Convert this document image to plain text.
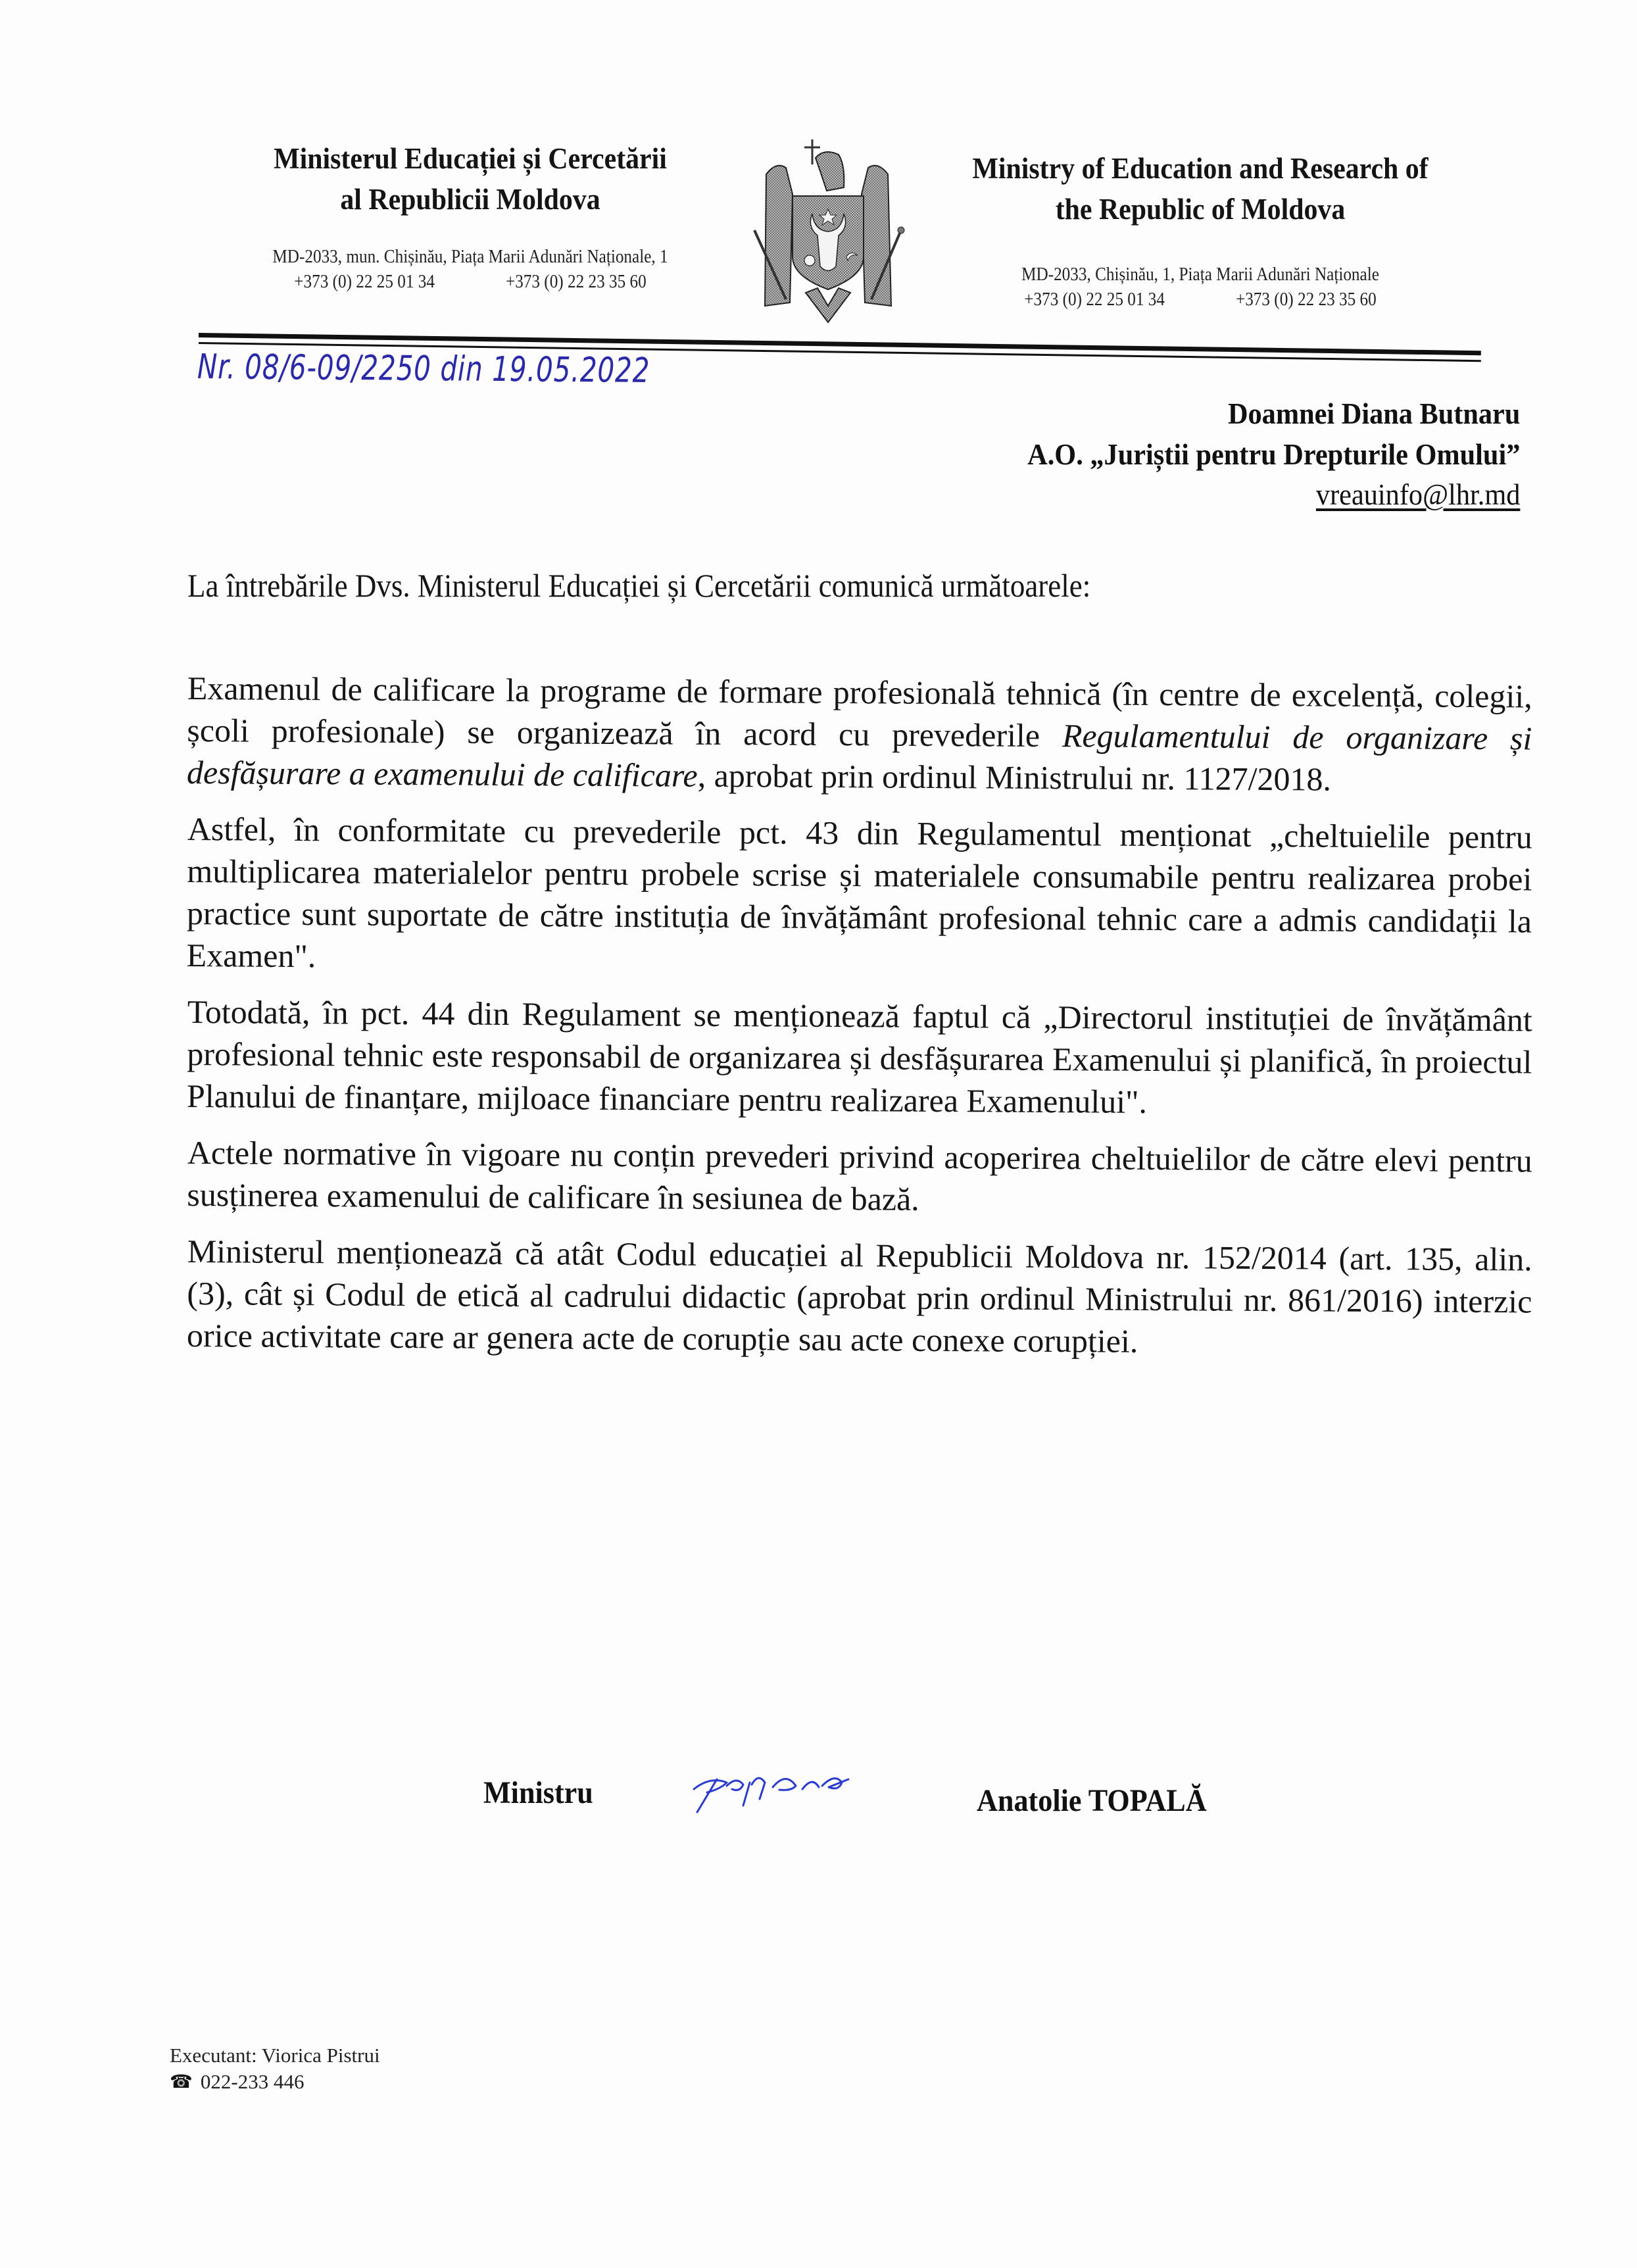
Ministerul Educației și Cercetării
al Republicii Moldova
MD-2033, mun. Chișinău, Piața Marii Adunări Naționale, 1
+373 (0) 22 25 01 34	+373 (0) 22 23 35 60
Ministry of Education and Research of
the Republic of Moldova
MD-2033, Chișinău, 1, Piața Marii Adunări Naționale
+373 (0) 22 25 01 34	+373 (0) 22 23 35 60
Nr. 08/6-09/2250 din 19.05.2022
Doamnei Diana Butnaru
A.O. „Juriștii pentru Drepturile Omului”
vreauinfo@lhr.md

La întrebările Dvs. Ministerul Educației și Cercetării comunică următoarele:

Examenul de calificare la programe de formare profesională tehnică (în centre de excelență, colegii, școli profesionale) se organizează în acord cu prevederile Regulamentului de organizare și desfășurare a examenului de calificare, aprobat prin ordinul Ministrului nr. 1127/2018.

Astfel, în conformitate cu prevederile pct. 43 din Regulamentul menționat „cheltuielile pentru multiplicarea materialelor pentru probele scrise și materialele consumabile pentru realizarea probei practice sunt suportate de către instituția de învățământ profesional tehnic care a admis candidații la Examen".

Totodată, în pct. 44 din Regulament se menționează faptul că „Directorul instituției de învățământ profesional tehnic este responsabil de organizarea și desfășurarea Examenului și planifică, în proiectul Planului de finanțare, mijloace financiare pentru realizarea Examenului".

Actele normative în vigoare nu conțin prevederi privind acoperirea cheltuielilor de către elevi pentru susținerea examenului de calificare în sesiunea de bază.

Ministerul menționează că atât Codul educației al Republicii Moldova nr. 152/2014 (art. 135, alin. (3), cât și Codul de etică al cadrului didactic (aprobat prin ordinul Ministrului nr. 861/2016) interzic orice activitate care ar genera acte de corupție sau acte conexe corupției.

Ministru	Anatolie TOPALĂ
Executant: Viorica Pistrui
☎ 022-233 446
